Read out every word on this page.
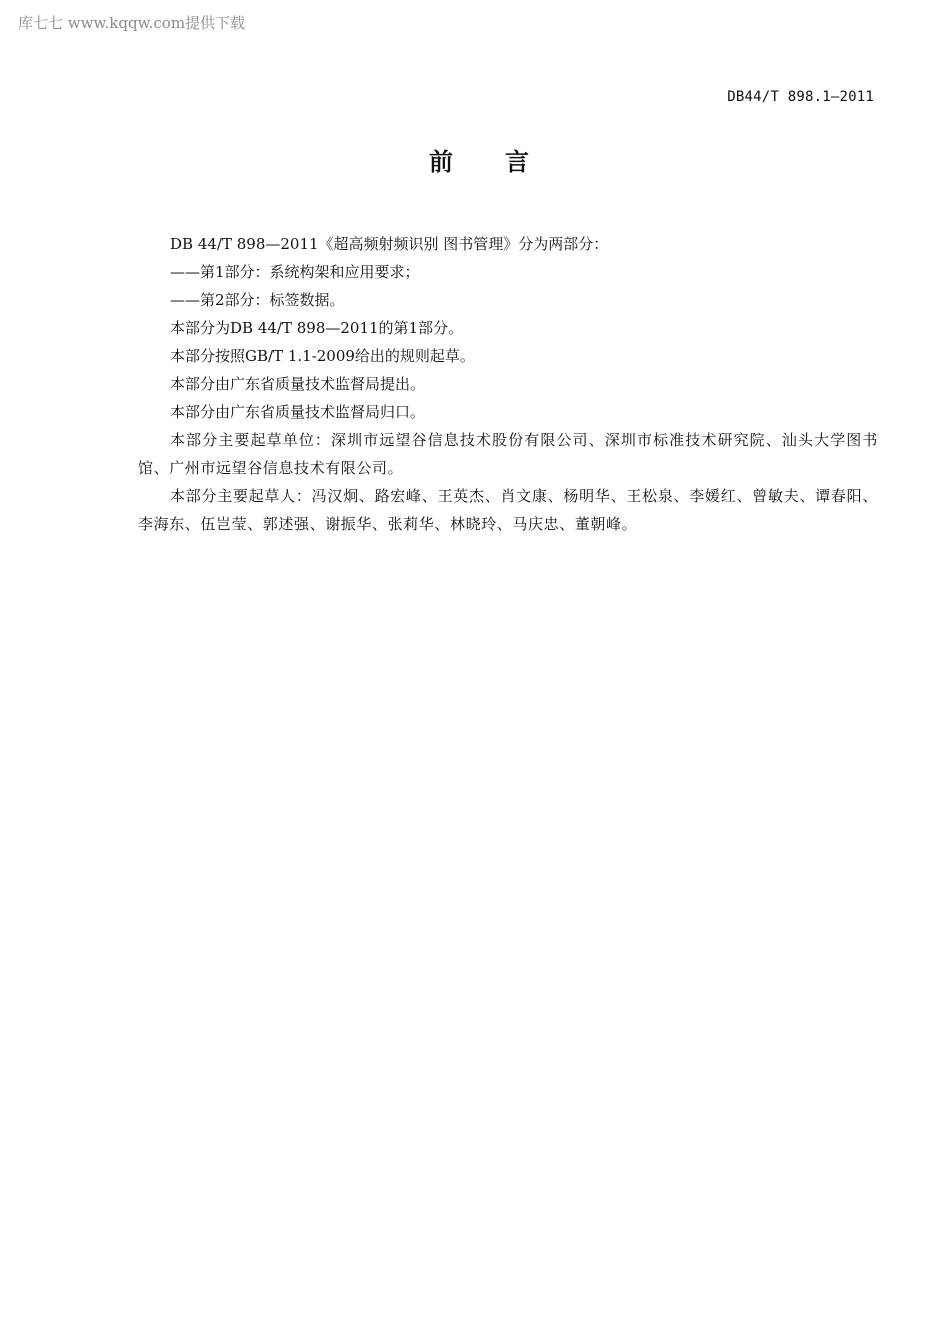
库七七 www.kqqw.com提供下载
DB44/T 898.1—2011
前言

DB 44/T 898—2011《超高频射频识别 图书管理》分为两部分：

——第1部分：系统构架和应用要求；

——第2部分：标签数据。

本部分为DB 44/T 898—2011的第1部分。

本部分按照GB/T 1.1-2009给出的规则起草。

本部分由广东省质量技术监督局提出。

本部分由广东省质量技术监督局归口。

本部分主要起草单位：深圳市远望谷信息技术股份有限公司、深圳市标准技术研究院、汕头大学图书馆、广州市远望谷信息技术有限公司。

本部分主要起草人：冯汉炯、路宏峰、王英杰、肖文康、杨明华、王松泉、李媛红、曾敏夫、谭春阳、李海东、伍岂莹、郭述强、谢振华、张莉华、林晓玲、马庆忠、董朝峰。
